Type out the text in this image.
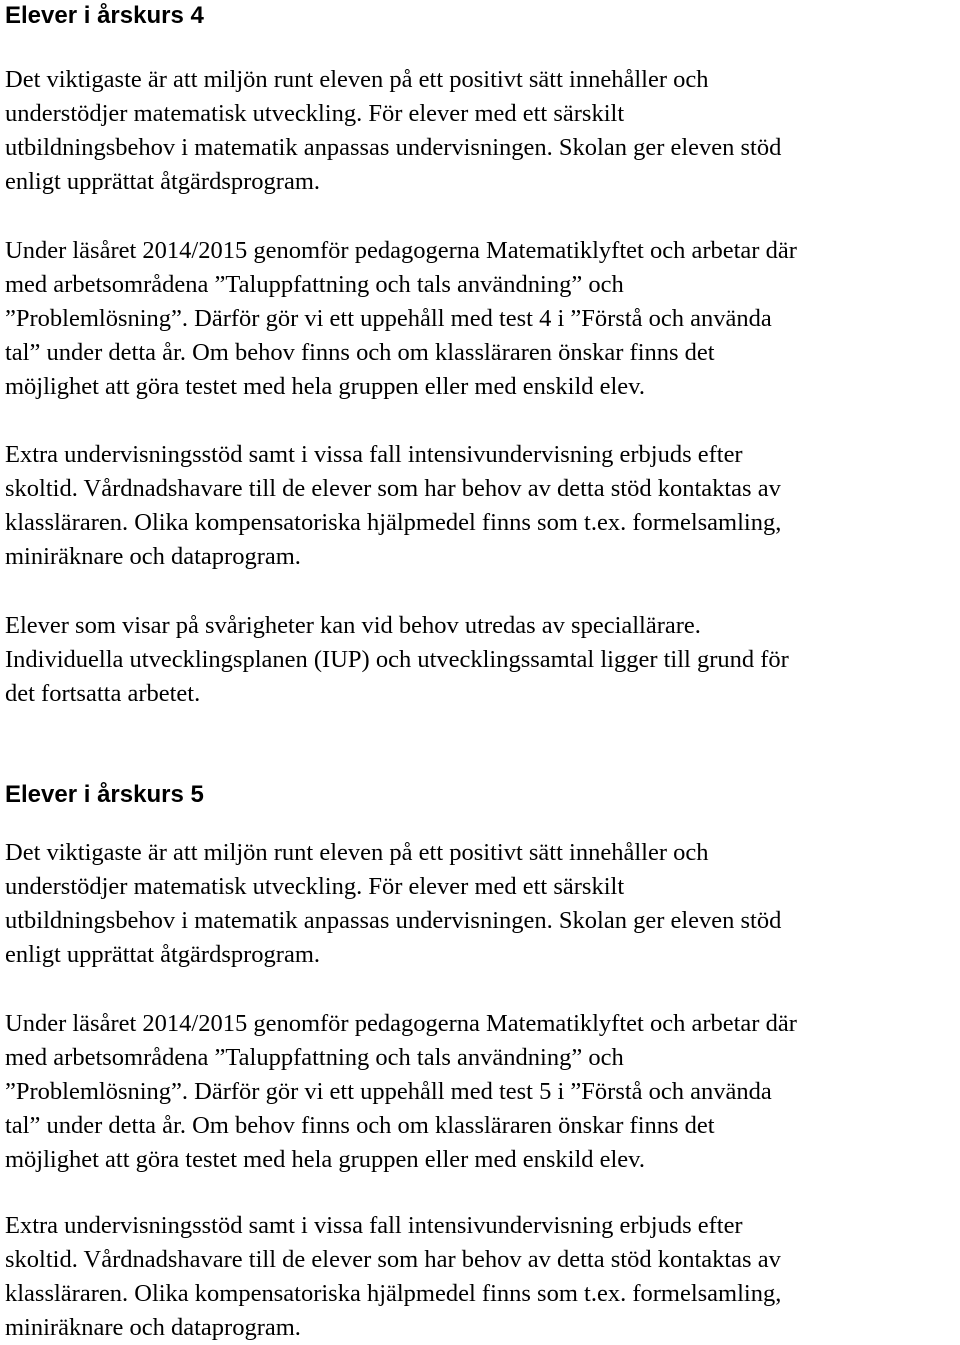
Elever i årskurs 4
Det viktigaste är att miljön runt eleven på ett positivt sätt innehåller och
understödjer matematisk utveckling. För elever med ett särskilt
utbildningsbehov i matematik anpassas undervisningen. Skolan ger eleven stöd
enligt upprättat åtgärdsprogram.
Under läsåret 2014/2015 genomför pedagogerna Matematiklyftet och arbetar där
med arbetsområdena ”Taluppfattning och tals användning” och
”Problemlösning”. Därför gör vi ett uppehåll med test 4 i ”Förstå och använda
tal” under detta år. Om behov finns och om klassläraren önskar finns det
möjlighet att göra testet med hela gruppen eller med enskild elev.
Extra undervisningsstöd samt i vissa fall intensivundervisning erbjuds efter
skoltid. Vårdnadshavare till de elever som har behov av detta stöd kontaktas av
klassläraren. Olika kompensatoriska hjälpmedel finns som t.ex. formelsamling,
miniräknare och dataprogram.
Elever som visar på svårigheter kan vid behov utredas av speciallärare.
Individuella utvecklingsplanen (IUP) och utvecklingssamtal ligger till grund för
det fortsatta arbetet.
Elever i årskurs 5
Det viktigaste är att miljön runt eleven på ett positivt sätt innehåller och
understödjer matematisk utveckling. För elever med ett särskilt
utbildningsbehov i matematik anpassas undervisningen. Skolan ger eleven stöd
enligt upprättat åtgärdsprogram.
Under läsåret 2014/2015 genomför pedagogerna Matematiklyftet och arbetar där
med arbetsområdena ”Taluppfattning och tals användning” och
”Problemlösning”. Därför gör vi ett uppehåll med test 5 i ”Förstå och använda
tal” under detta år. Om behov finns och om klassläraren önskar finns det
möjlighet att göra testet med hela gruppen eller med enskild elev.
Extra undervisningsstöd samt i vissa fall intensivundervisning erbjuds efter
skoltid. Vårdnadshavare till de elever som har behov av detta stöd kontaktas av
klassläraren. Olika kompensatoriska hjälpmedel finns som t.ex. formelsamling,
miniräknare och dataprogram.
